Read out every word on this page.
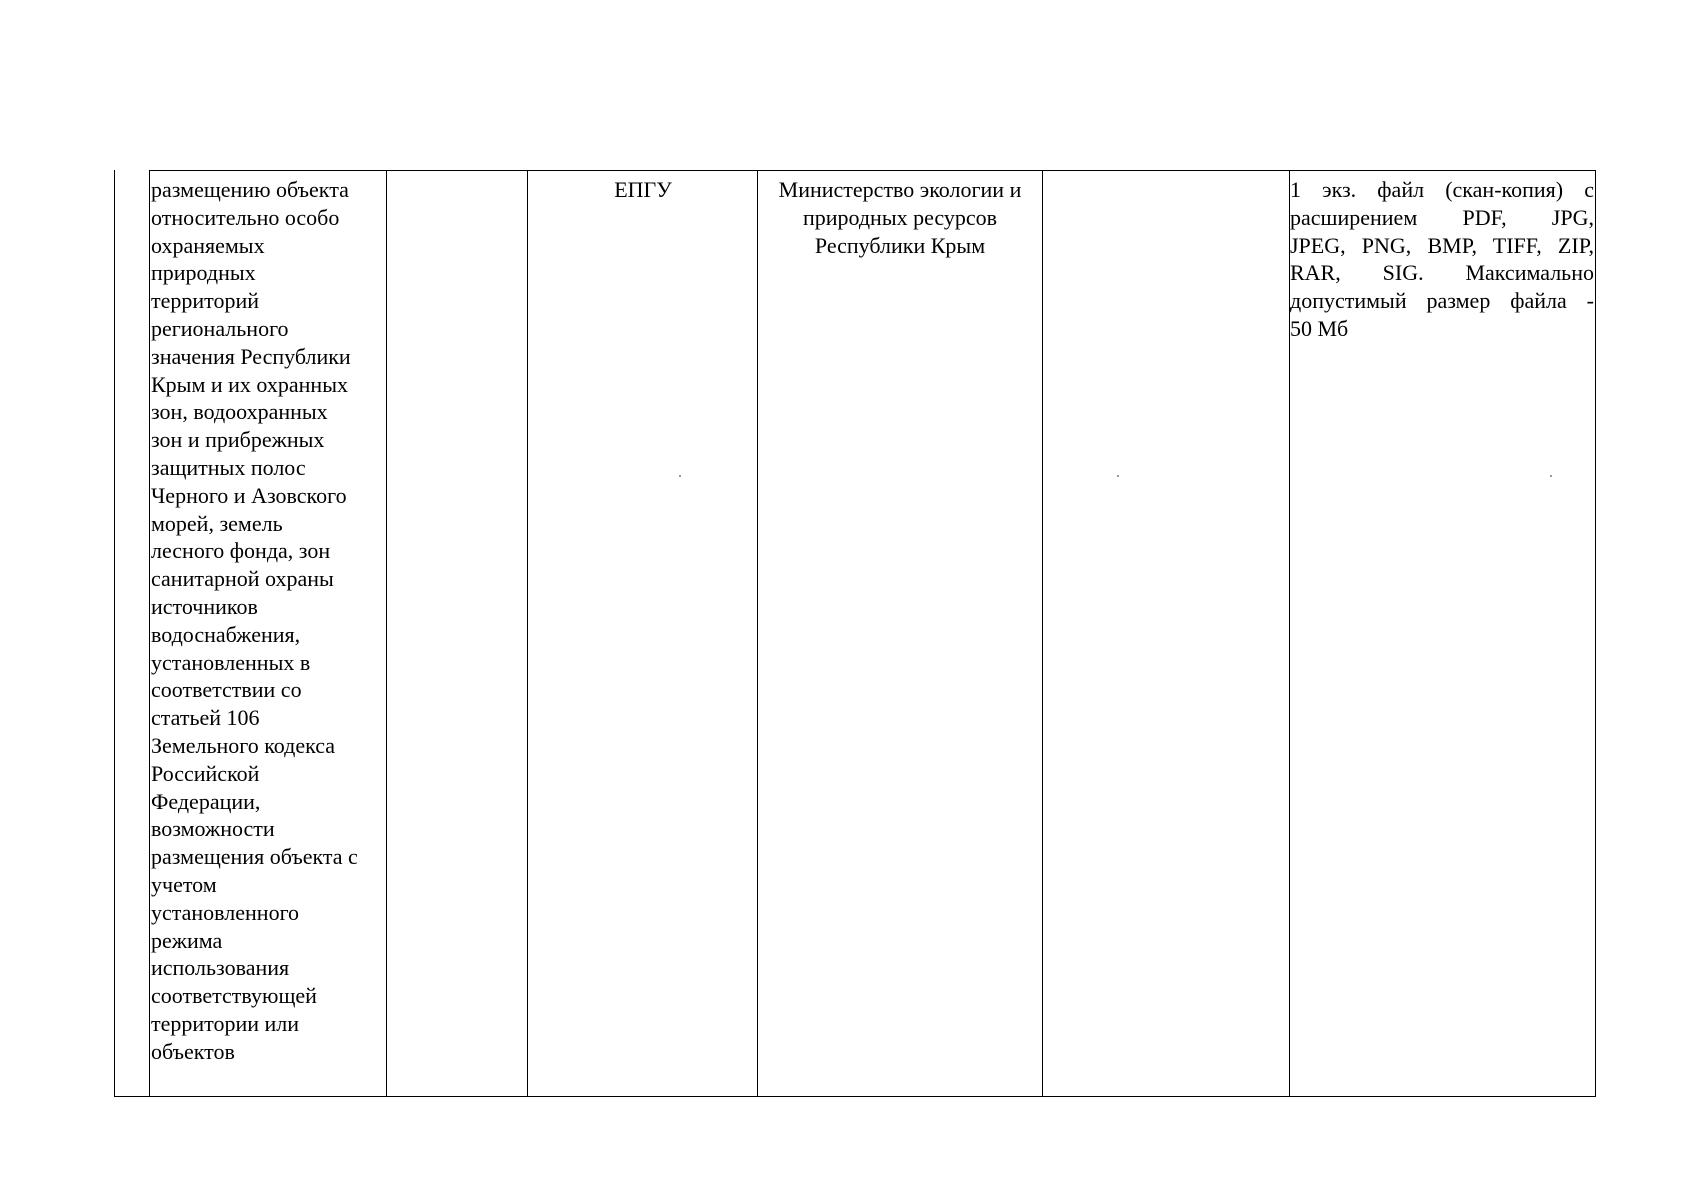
размещению объекта
относительно особо
охраняемых
природных
территорий
регионального
значения Республики
Крым и их охранных
зон, водоохранных
зон и прибрежных
защитных полос
Черного и Азовского
морей, земель
лесного фонда, зон
санитарной охраны
источников
водоснабжения,
установленных в
соответствии со
статьей 106
Земельного кодекса
Российской
Федерации,
возможности
размещения объекта с
учетом
установленного
режима
использования
соответствующей
территории или
объектов
ЕПГУ	Министерство экологии и
природных ресурсов
Республики Крым
1 экз. файл (скан-копия) с
расширением PDF, JPG,
JPEG, PNG, BMP, TIFF, ZIP,
RAR, SIG. Максимально
допустимый размер файла -
50 Мб
